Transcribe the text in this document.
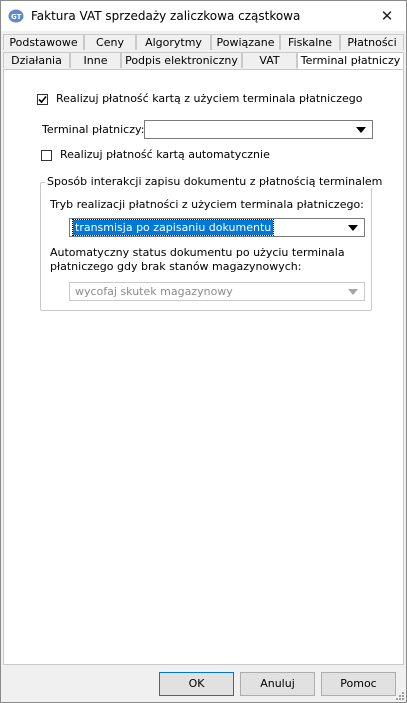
GT Faktura VAT sprzedaży zaliczkowa cząstkowa	✕
Podstawowe	Ceny	Algorytmy	Powiązane	Fiskalne	Płatności
Działania	Inne	Podpis elektroniczny	VAT	Terminal płatniczy
Realizuj płatność kartą z użyciem terminala płatniczego
Terminal płatniczy:
Realizuj płatność kartą automatycznie
Sposób interakcji zapisu dokumentu z płatnością terminalem
Tryb realizacji płatności z użyciem terminala płatniczego:
transmisja po zapisaniu dokumentu
Automatyczny status dokumentu po użyciu terminala
płatniczego gdy brak stanów magazynowych:
wycofaj skutek magazynowy
OK	Anuluj	Pomoc
